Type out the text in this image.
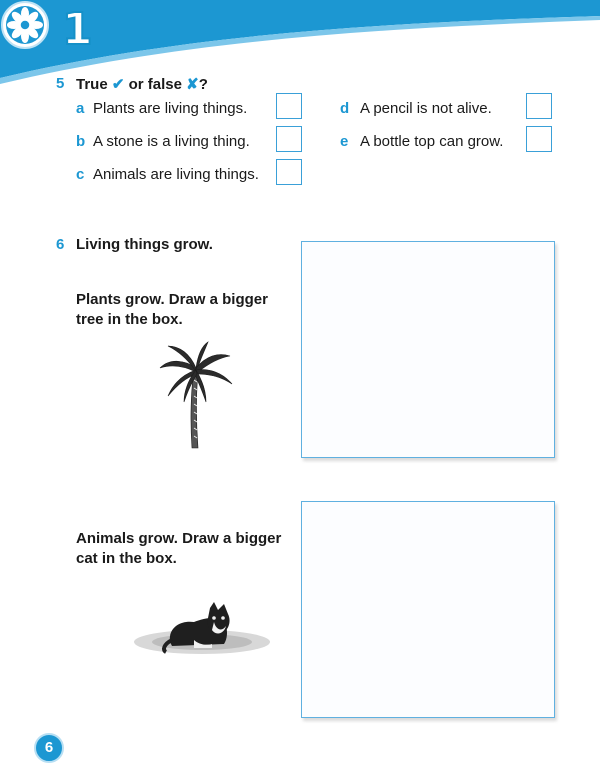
1
5 True ✔ or false ✘?
a Plants are living things.
b A stone is a living thing.
c Animals are living things.
d A pencil is not alive.
e A bottle top can grow.
6 Living things grow.
Plants grow. Draw a bigger tree in the box.
Animals grow. Draw a bigger cat in the box.
6
